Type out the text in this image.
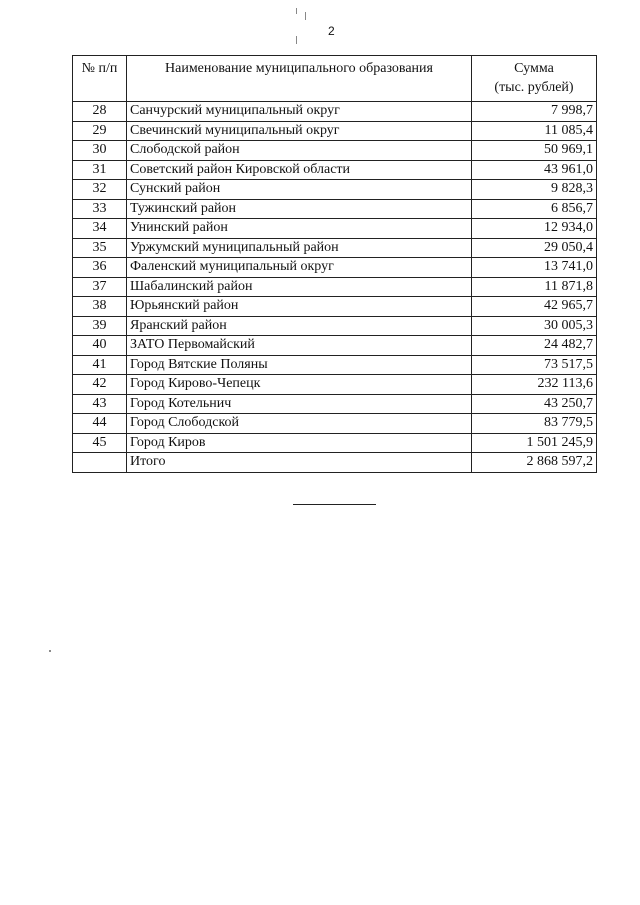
2
№ п/п	Наименование муниципального образования	Сумма
(тыс. рублей)
28	Санчурский муниципальный округ	7 998,7
29	Свечинский муниципальный округ	11 085,4
30	Слободской район	50 969,1
31	Советский район Кировской области	43 961,0
32	Сунский район	9 828,3
33	Тужинский район	6 856,7
34	Унинский район	12 934,0
35	Уржумский муниципальный район	29 050,4
36	Фаленский муниципальный округ	13 741,0
37	Шабалинский район	11 871,8
38	Юрьянский район	42 965,7
39	Яранский район	30 005,3
40	ЗАТО Первомайский	24 482,7
41	Город Вятские Поляны	73 517,5
42	Город Кирово-Чепецк	232 113,6
43	Город Котельнич	43 250,7
44	Город Слободской	83 779,5
45	Город Киров	1 501 245,9
	Итого	2 868 597,2
